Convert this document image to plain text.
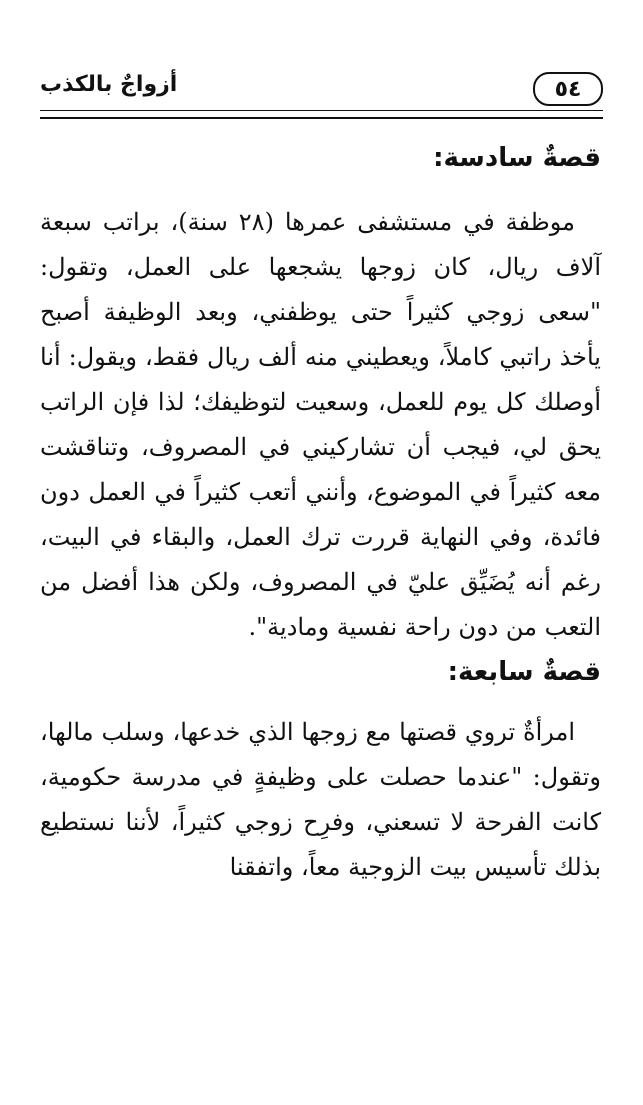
٥٤
أزواجٌ بالكذب
قصةٌ سادسة:

موظفة في مستشفى عمرها (٢٨ سنة)، براتب سبعة آلاف ريال، كان زوجها يشجعها على العمل، وتقول: "سعى زوجي كثيراً حتى يوظفني، وبعد الوظيفة أصبح يأخذ راتبي كاملاً، ويعطيني منه ألف ريال فقط، ويقول: أنا أوصلك كل يوم للعمل، وسعيت لتوظيفك؛ لذا فإن الراتب يحق لي، فيجب أن تشاركيني في المصروف، وتناقشت معه كثيراً في الموضوع، وأنني أتعب كثيراً في العمل دون فائدة، وفي النهاية قررت ترك العمل، والبقاء في البيت، رغم أنه يُضَيِّق عليّ في المصروف، ولكن هذا أفضل من التعب من دون راحة نفسية ومادية".

قصةٌ سابعة:

امرأةٌ تروي قصتها مع زوجها الذي خدعها، وسلب مالها، وتقول: "عندما حصلت على وظيفةٍ في مدرسة حكومية، كانت الفرحة لا تسعني، وفرِح زوجي كثيراً، لأننا نستطيع بذلك تأسيس بيت الزوجية معاً، واتفقنا
